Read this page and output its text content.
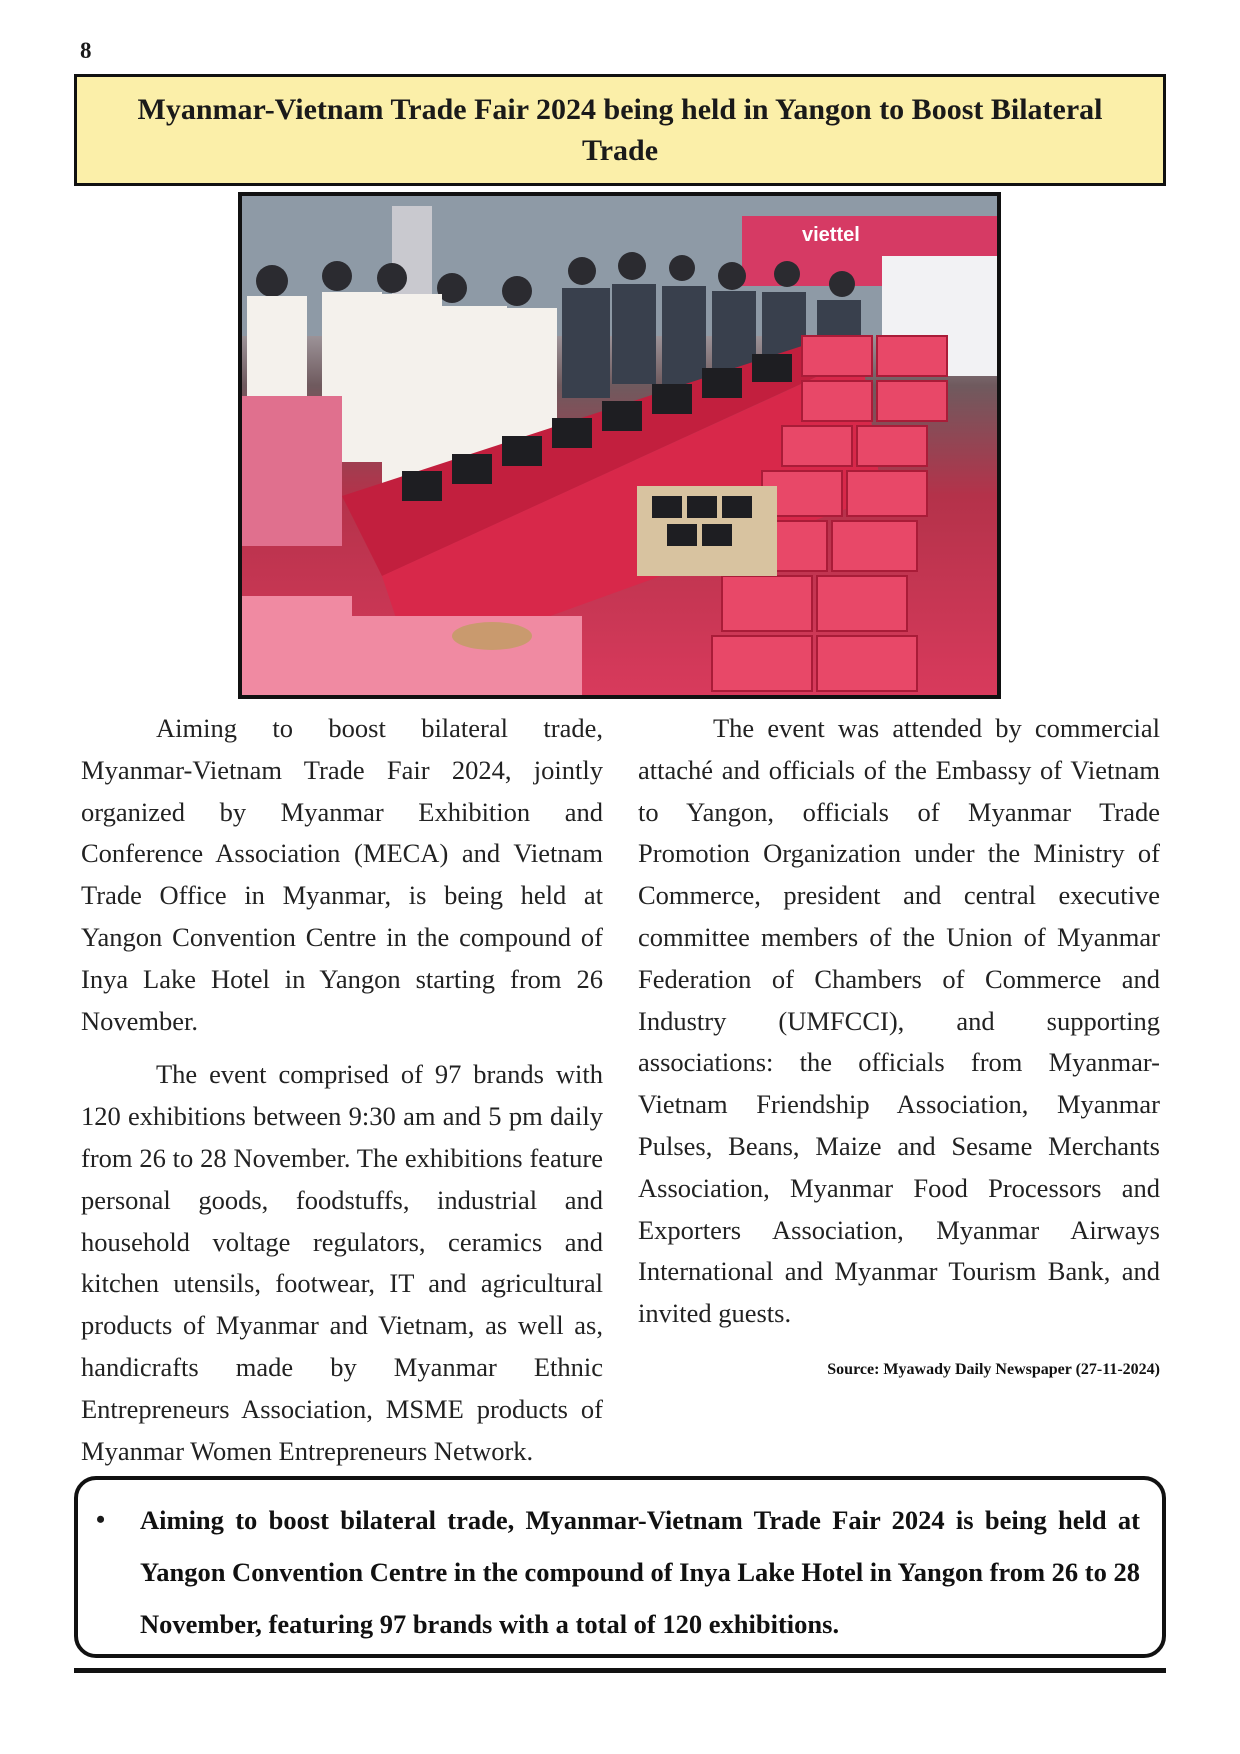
8
Myanmar-Vietnam Trade Fair 2024 being held in Yangon to Boost Bilateral Trade
viettel

Aiming to boost bilateral trade, Myanmar-Vietnam Trade Fair 2024, jointly organized by Myanmar Exhibition and Conference Association (MECA) and Vietnam Trade Office in Myanmar, is being held at Yangon Convention Centre in the compound of Inya Lake Hotel in Yangon starting from 26 November.

The event comprised of 97 brands with 120 exhibitions between 9:30 am and 5 pm daily from 26 to 28 November. The exhibitions feature personal goods, foodstuffs, industrial and household voltage regulators, ceramics and kitchen utensils, footwear, IT and agricultural products of Myanmar and Vietnam, as well as, handicrafts made by Myanmar Ethnic Entrepreneurs Association, MSME products of Myanmar Women Entrepreneurs Network.

The event was attended by commercial attaché and officials of the Embassy of Vietnam to Yangon, officials of Myanmar Trade Promotion Organization under the Ministry of Commerce, president and central executive committee members of the Union of Myanmar Federation of Chambers of Commerce and Industry (UMFCCI), and supporting associations: the officials from Myanmar-Vietnam Friendship Association, Myanmar Pulses, Beans, Maize and Sesame Merchants Association, Myanmar Food Processors and Exporters Association, Myanmar Airways International and Myanmar Tourism Bank, and invited guests.

Source: Myawady Daily Newspaper (27-11-2024)
•	Aiming to boost bilateral trade, Myanmar-Vietnam Trade Fair 2024 is being held at Yangon Convention Centre in the compound of Inya Lake Hotel in Yangon from 26 to 28 November, featuring 97 brands with a total of 120 exhibitions.
